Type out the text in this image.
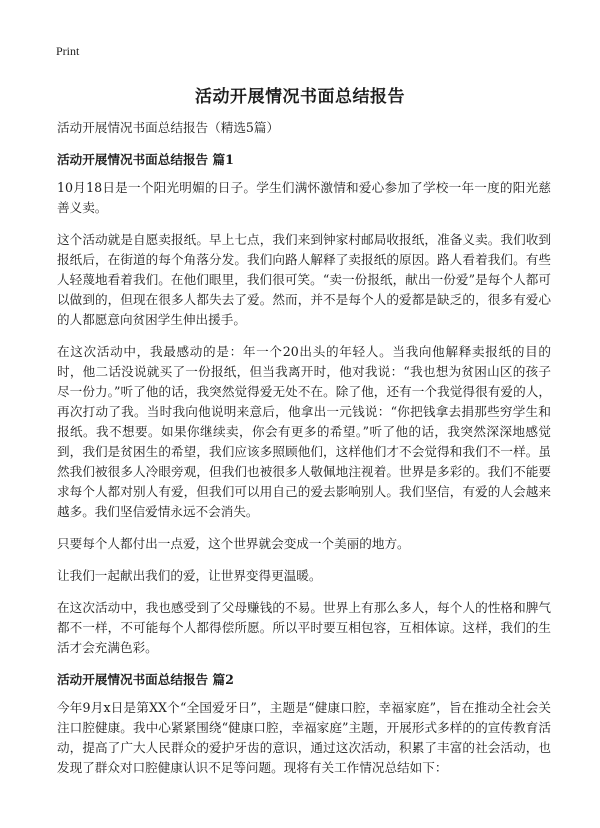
Print
活动开展情况书面总结报告

活动开展情况书面总结报告（精选5篇）

活动开展情况书面总结报告 篇1

10月18日是一个阳光明媚的日子。学生们满怀激情和爱心参加了学校一年一度的阳光慈善义卖。

这个活动就是自愿卖报纸。早上七点，我们来到钟家村邮局收报纸，准备义卖。我们收到报纸后，在街道的每个角落分发。我们向路人解释了卖报纸的原因。路人看着我们。有些人轻蔑地看着我们。在他们眼里，我们很可笑。“卖一份报纸，献出一份爱”是每个人都可以做到的，但现在很多人都失去了爱。然而，并不是每个人的爱都是缺乏的，很多有爱心的人都愿意向贫困学生伸出援手。

在这次活动中，我最感动的是：年一个20出头的年轻人。当我向他解释卖报纸的目的时，他二话没说就买了一份报纸，但当我离开时，他对我说：“我也想为贫困山区的孩子尽一份力。”听了他的话，我突然觉得爱无处不在。除了他，还有一个我觉得很有爱的人，再次打动了我。当时我向他说明来意后，他拿出一元钱说：“你把钱拿去捐那些穷学生和报纸。我不想要。如果你继续卖，你会有更多的希望。”听了他的话，我突然深深地感觉到，我们是贫困生的希望，我们应该多照顾他们，这样他们才不会觉得和我们不一样。虽然我们被很多人冷眼旁观，但我们也被很多人敬佩地注视着。世界是多彩的。我们不能要求每个人都对别人有爱，但我们可以用自己的爱去影响别人。我们坚信，有爱的人会越来越多。我们坚信爱情永远不会消失。

只要每个人都付出一点爱，这个世界就会变成一个美丽的地方。

让我们一起献出我们的爱，让世界变得更温暖。

在这次活动中，我也感受到了父母赚钱的不易。世界上有那么多人，每个人的性格和脾气都不一样，不可能每个人都得偿所愿。所以平时要互相包容，互相体谅。这样，我们的生活才会充满色彩。

活动开展情况书面总结报告 篇2

今年9月x日是第XX个“全国爱牙日”，主题是“健康口腔，幸福家庭”，旨在推动全社会关注口腔健康。我中心紧紧围绕“健康口腔，幸福家庭”主题，开展形式多样的的宣传教育活动，提高了广大人民群众的爱护牙齿的意识，通过这次活动，积累了丰富的社会活动，也发现了群众对口腔健康认识不足等问题。现将有关工作情况总结如下：
